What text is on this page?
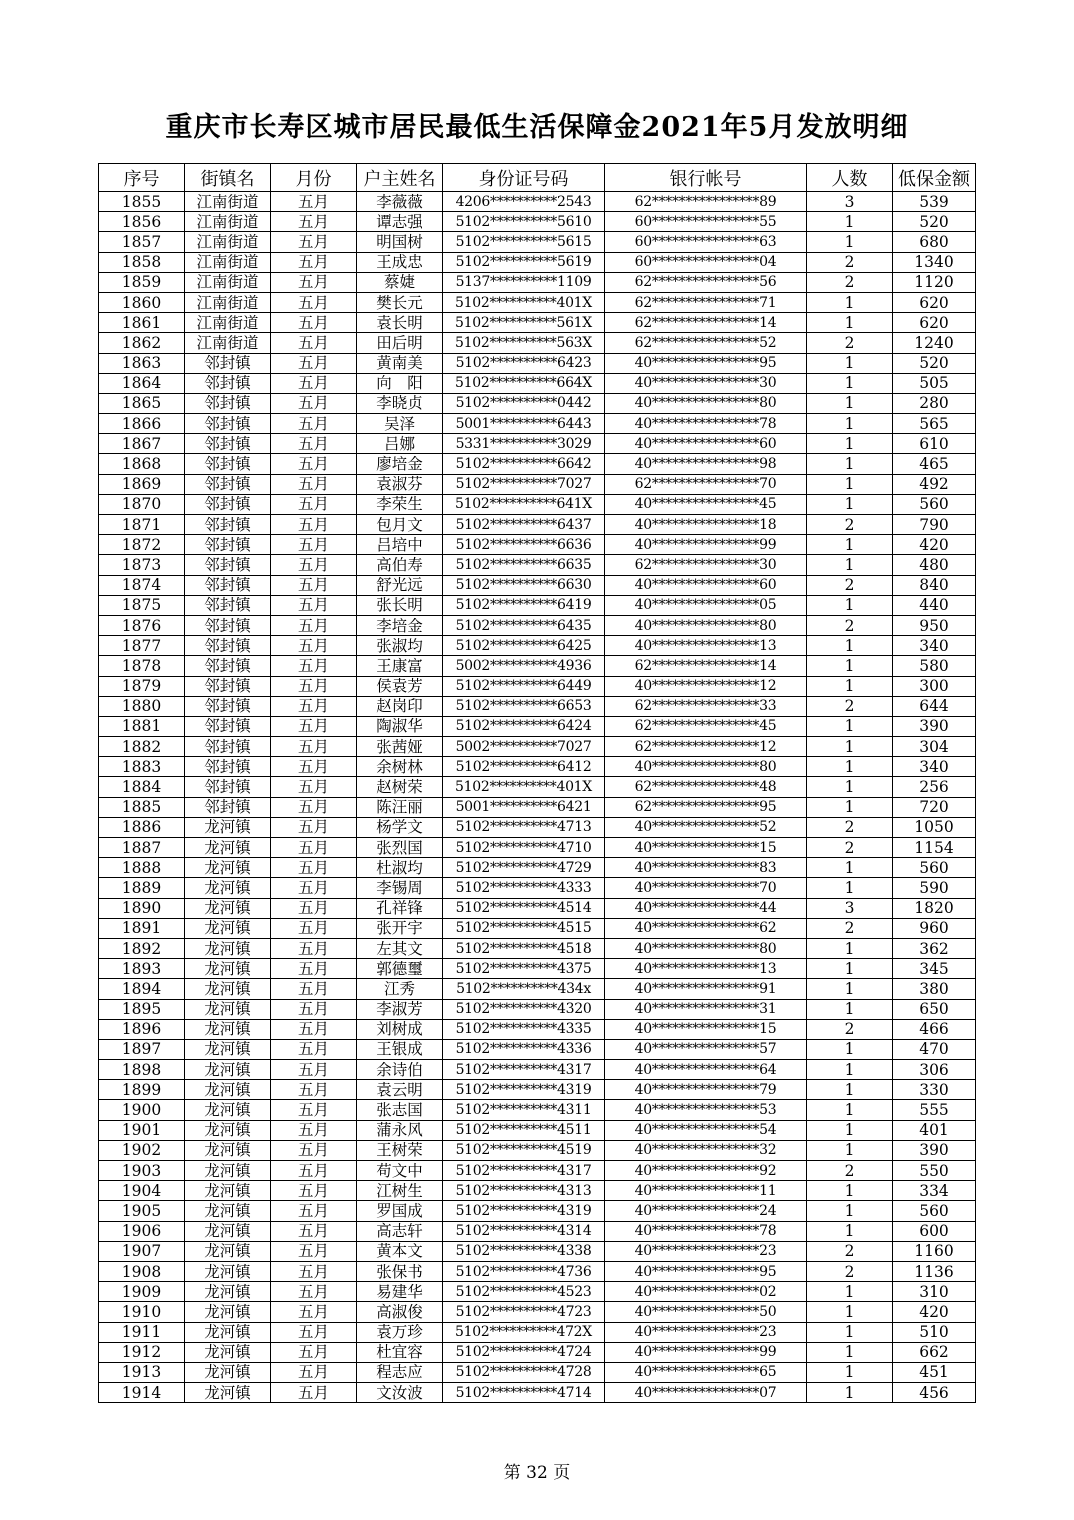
重庆市长寿区城市居民最低生活保障金2021年5月发放明细
序号	街镇名	月份	户主姓名	身份证号码	银行帐号	人数	低保金额
1855	江南街道	五月	李薇薇	4206**********2543	62****************89	3	539
1856	江南街道	五月	谭志强	5102**********5610	60****************55	1	520
1857	江南街道	五月	明国树	5102**********5615	60****************63	1	680
1858	江南街道	五月	王成忠	5102**********5619	60****************04	2	1340
1859	江南街道	五月	蔡婕	5137**********1109	62****************56	2	1120
1860	江南街道	五月	樊长元	5102**********401X	62****************71	1	620
1861	江南街道	五月	袁长明	5102**********561X	62****************14	1	620
1862	江南街道	五月	田后明	5102**********563X	62****************52	2	1240
1863	邻封镇	五月	黄南美	5102**********6423	40****************95	1	520
1864	邻封镇	五月	向　阳	5102**********664X	40****************30	1	505
1865	邻封镇	五月	李晓贞	5102**********0442	40****************80	1	280
1866	邻封镇	五月	吴泽	5001**********6443	40****************78	1	565
1867	邻封镇	五月	吕娜	5331**********3029	40****************60	1	610
1868	邻封镇	五月	廖培金	5102**********6642	40****************98	1	465
1869	邻封镇	五月	袁淑芬	5102**********7027	62****************70	1	492
1870	邻封镇	五月	李荣生	5102**********641X	40****************45	1	560
1871	邻封镇	五月	包月文	5102**********6437	40****************18	2	790
1872	邻封镇	五月	吕培中	5102**********6636	40****************99	1	420
1873	邻封镇	五月	高伯寿	5102**********6635	62****************30	1	480
1874	邻封镇	五月	舒光远	5102**********6630	40****************60	2	840
1875	邻封镇	五月	张长明	5102**********6419	40****************05	1	440
1876	邻封镇	五月	李培金	5102**********6435	40****************80	2	950
1877	邻封镇	五月	张淑均	5102**********6425	40****************13	1	340
1878	邻封镇	五月	王康富	5002**********4936	62****************14	1	580
1879	邻封镇	五月	侯袁芳	5102**********6449	40****************12	1	300
1880	邻封镇	五月	赵岗印	5102**********6653	62****************33	2	644
1881	邻封镇	五月	陶淑华	5102**********6424	62****************45	1	390
1882	邻封镇	五月	张茜娅	5002**********7027	62****************12	1	304
1883	邻封镇	五月	余树林	5102**********6412	40****************80	1	340
1884	邻封镇	五月	赵树荣	5102**********401X	62****************48	1	256
1885	邻封镇	五月	陈汪丽	5001**********6421	62****************95	1	720
1886	龙河镇	五月	杨学文	5102**********4713	40****************52	2	1050
1887	龙河镇	五月	张烈国	5102**********4710	40****************15	2	1154
1888	龙河镇	五月	杜淑均	5102**********4729	40****************83	1	560
1889	龙河镇	五月	李锡周	5102**********4333	40****************70	1	590
1890	龙河镇	五月	孔祥锋	5102**********4514	40****************44	3	1820
1891	龙河镇	五月	张开宇	5102**********4515	40****************62	2	960
1892	龙河镇	五月	左其文	5102**********4518	40****************80	1	362
1893	龙河镇	五月	郭德璽	5102**********4375	40****************13	1	345
1894	龙河镇	五月	江秀	5102**********434x	40****************91	1	380
1895	龙河镇	五月	李淑芳	5102**********4320	40****************31	1	650
1896	龙河镇	五月	刘树成	5102**********4335	40****************15	2	466
1897	龙河镇	五月	王银成	5102**********4336	40****************57	1	470
1898	龙河镇	五月	余诗伯	5102**********4317	40****************64	1	306
1899	龙河镇	五月	袁云明	5102**********4319	40****************79	1	330
1900	龙河镇	五月	张志国	5102**********4311	40****************53	1	555
1901	龙河镇	五月	蒲永风	5102**********4511	40****************54	1	401
1902	龙河镇	五月	王树荣	5102**********4519	40****************32	1	390
1903	龙河镇	五月	苟文中	5102**********4317	40****************92	2	550
1904	龙河镇	五月	江树生	5102**********4313	40****************11	1	334
1905	龙河镇	五月	罗国成	5102**********4319	40****************24	1	560
1906	龙河镇	五月	高志轩	5102**********4314	40****************78	1	600
1907	龙河镇	五月	黄本文	5102**********4338	40****************23	2	1160
1908	龙河镇	五月	张保书	5102**********4736	40****************95	2	1136
1909	龙河镇	五月	易建华	5102**********4523	40****************02	1	310
1910	龙河镇	五月	高淑俊	5102**********4723	40****************50	1	420
1911	龙河镇	五月	袁万珍	5102**********472X	40****************23	1	510
1912	龙河镇	五月	杜宜容	5102**********4724	40****************99	1	662
1913	龙河镇	五月	程志应	5102**********4728	40****************65	1	451
1914	龙河镇	五月	文汝波	5102**********4714	40****************07	1	456
第 32 页
